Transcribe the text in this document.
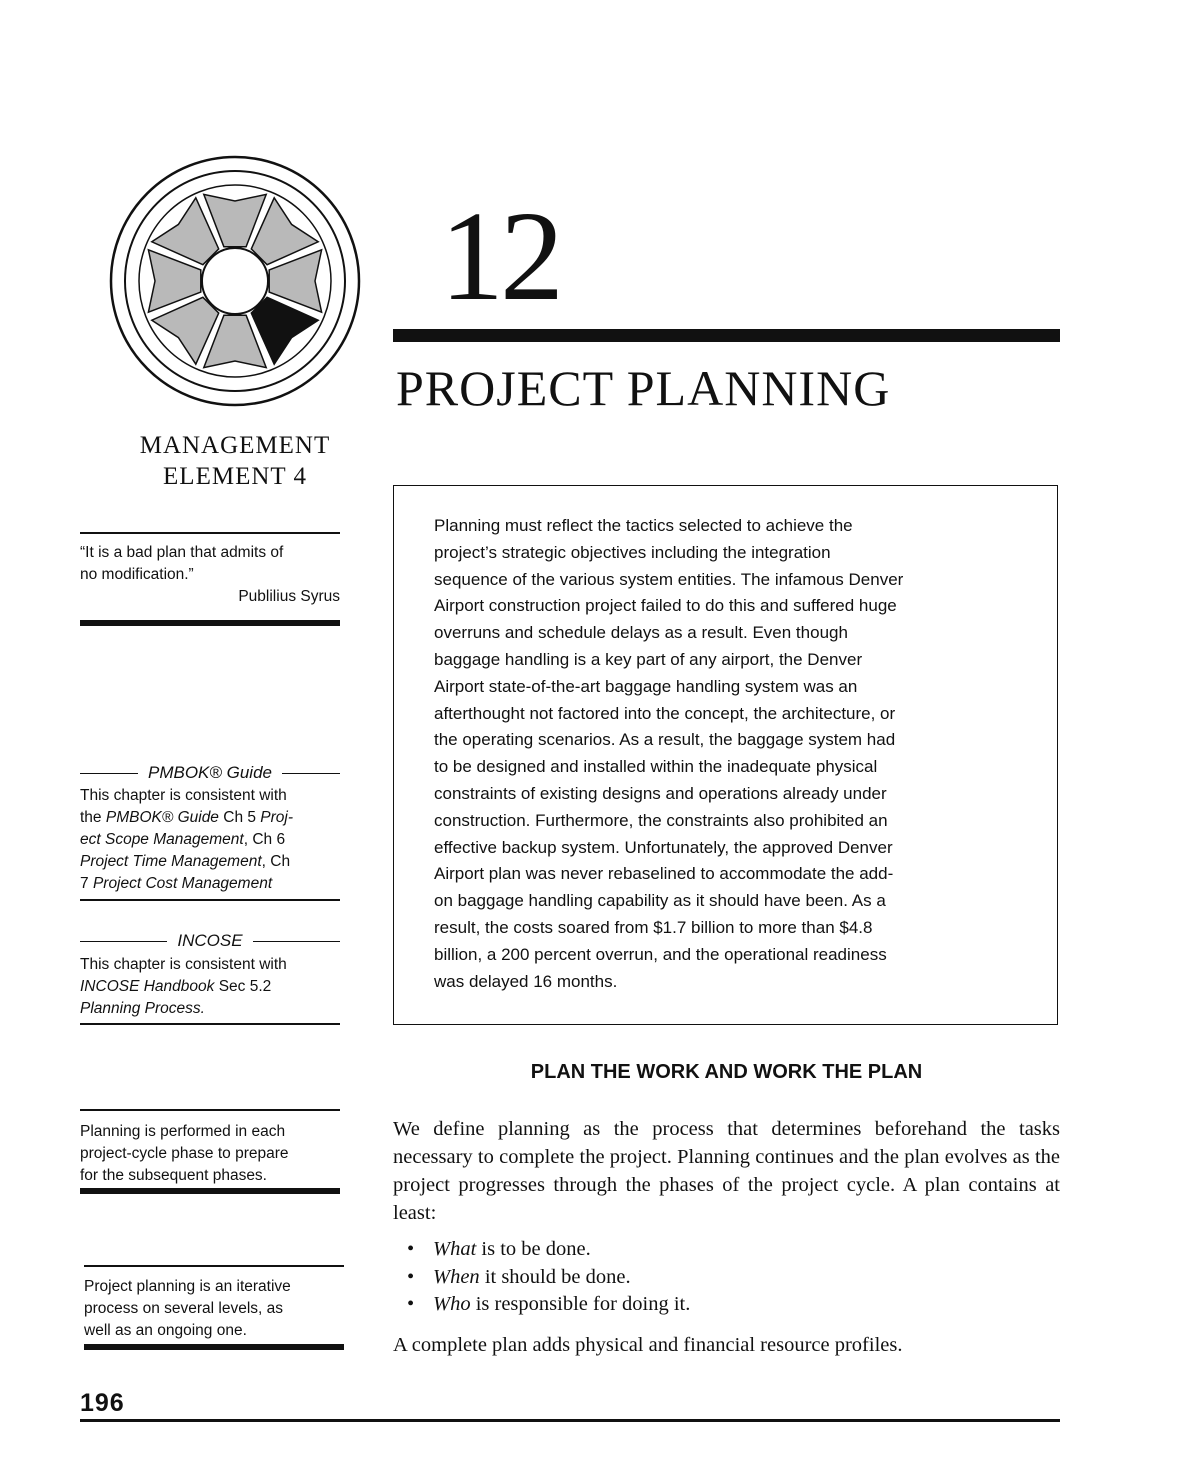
12
PROJECT PLANNING
MANAGEMENT
ELEMENT 4
“It is a bad plan that admits of
no modification.”
Publilius Syrus
PMBOK® Guide
This chapter is consistent with
the PMBOK® Guide Ch 5 Proj-
ect Scope Management, Ch 6
Project Time Management, Ch
7 Project Cost Management
INCOSE
This chapter is consistent with
INCOSE Handbook Sec 5.2
Planning Process.
Planning is performed in each
project-cycle phase to prepare
for the subsequent phases.
Project planning is an iterative
process on several levels, as
well as an ongoing one.
Planning must reflect the tactics selected to achieve the
project’s strategic objectives including the integration
sequence of the various system entities. The infamous Denver
Airport construction project failed to do this and suffered huge
overruns and schedule delays as a result. Even though
baggage handling is a key part of any airport, the Denver
Airport state-of-the-art baggage handling system was an
afterthought not factored into the concept, the architecture, or
the operating scenarios. As a result, the baggage system had
to be designed and installed within the inadequate physical
constraints of existing designs and operations already under
construction. Furthermore, the constraints also prohibited an
effective backup system. Unfortunately, the approved Denver
Airport plan was never rebaselined to accommodate the add-
on baggage handling capability as it should have been. As a
result, the costs soared from $1.7 billion to more than $4.8
billion, a 200 percent overrun, and the operational readiness
was delayed 16 months.
PLAN THE WORK AND WORK THE PLAN
We define planning as the process that determines beforehand the tasks necessary to complete the project. Planning continues and the plan evolves as the project progresses through the phases of the project cycle. A plan contains at least:
• What is to be done.
• When it should be done.
• Who is responsible for doing it.
A complete plan adds physical and financial resource profiles.
196
